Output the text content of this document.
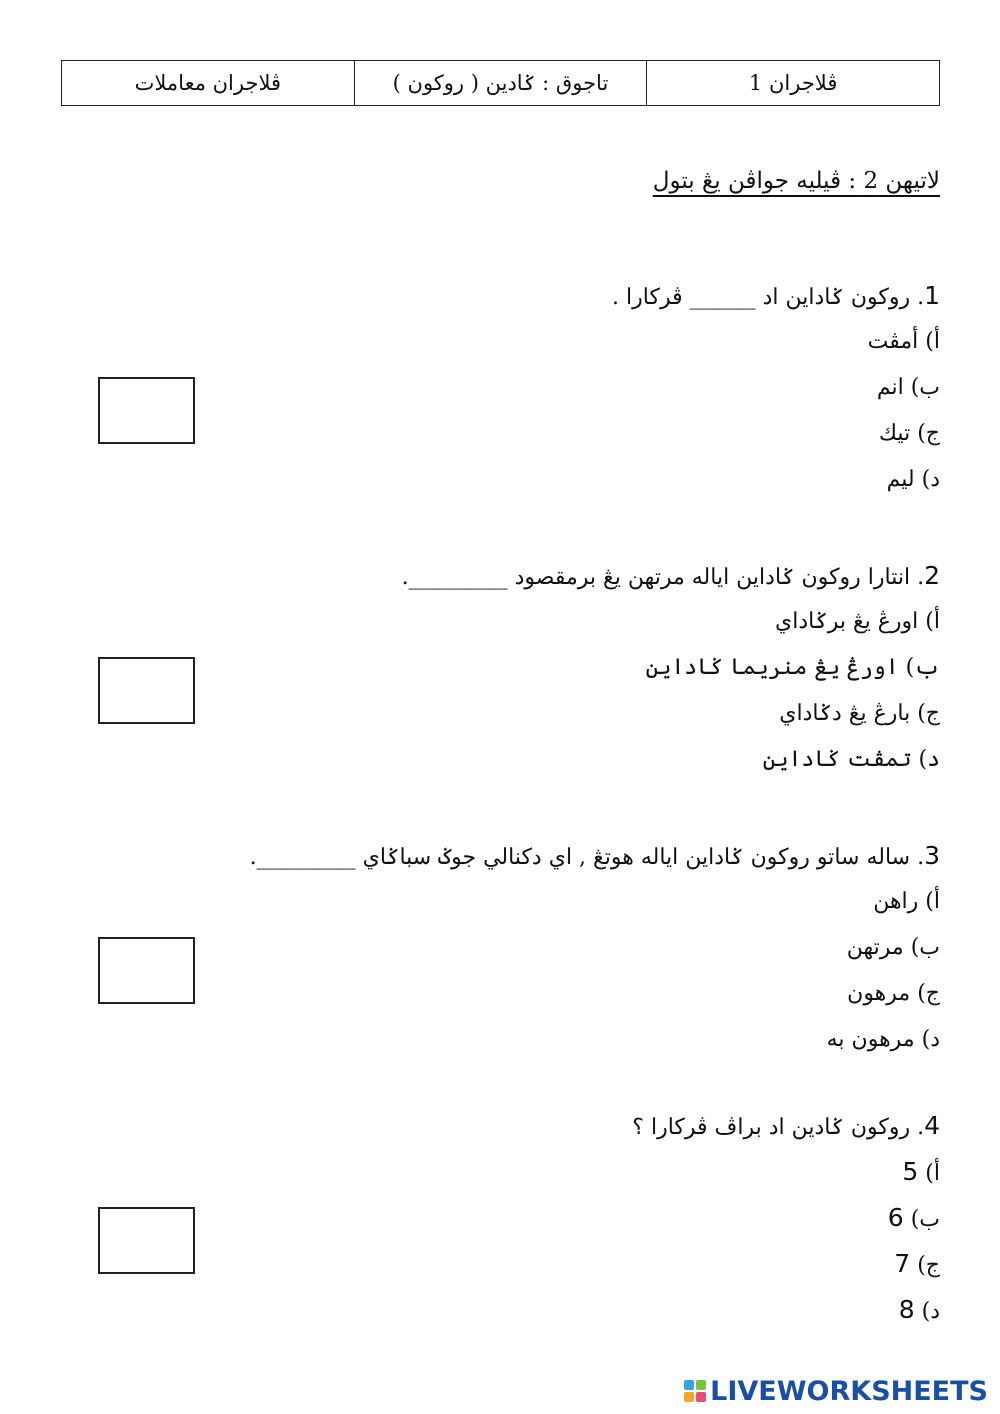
ڤلاجران معاملات	تاجوق : ݢادين ( روكون )	ڤلاجران 1
لاتيهن 2 : ڤيليه جواڤن يڠ بتول
1. روكون ݢاداين اد ______ ڤركارا .
أ) أمڤت
ب) انم
ج) تيك
د) ليم
2. انتارا روكون ݢاداين اياله مرتهن يڠ برمقصود _________.
أ) اورڠ يڠ برݢاداي
ب) اورڠ يڠ منريما ݢاداين
ج) بارڠ يڠ دݢاداي
د) تمڤت ݢاداين
3. ساله ساتو روكون ݢاداين اياله هوتڠ , اي دكنالي جوݢ سباݢاي _________.
أ) راهن
ب) مرتهن
ج) مرهون
د) مرهون به
4. روكون ݢادين اد براڤ ڤركارا ؟
أ) 5
ب) 6
ج) 7
د) 8
LIVEWORKSHEETS
